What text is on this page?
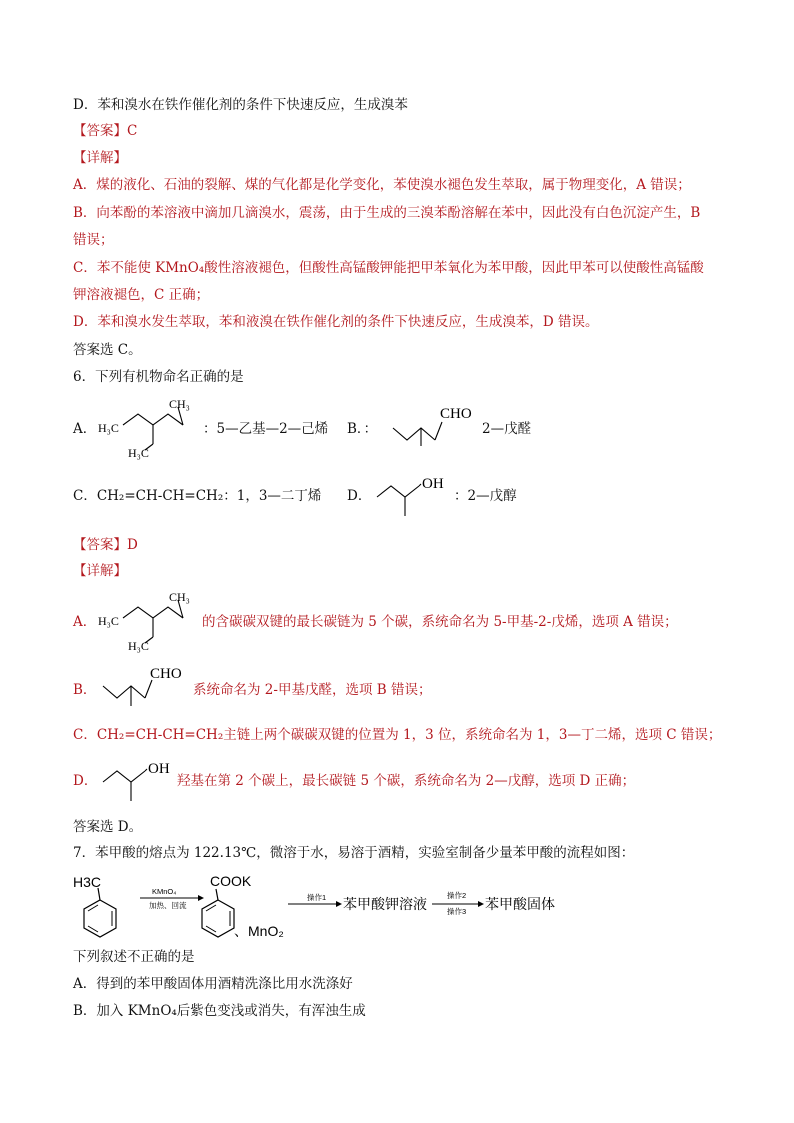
D．苯和溴水在铁作催化剂的条件下快速反应，生成溴苯
【答案】C
【详解】
A．煤的液化、石油的裂解、煤的气化都是化学变化，苯使溴水褪色发生萃取，属于物理变化，A 错误；
B．向苯酚的苯溶液中滴加几滴溴水，震荡，由于生成的三溴苯酚溶解在苯中，因此没有白色沉淀产生，B
错误；
C．苯不能使 KMnO₄酸性溶液褪色，但酸性高锰酸钾能把甲苯氧化为苯甲酸，因此甲苯可以使酸性高锰酸
钾溶液褪色，C 正确；
D．苯和溴水发生萃取，苯和液溴在铁作催化剂的条件下快速反应，生成溴苯，D 错误。
答案选 C。
6．下列有机物命名正确的是
A． H₃C
CH₃
H₃C
：5—乙基—2—己烯 B．：
CHO
2—戊醛
C．CH₂=CH-CH=CH₂：1，3—二丁烯 D．
OH
：2—戊醇
【答案】D
【详解】
A． H₃C
CH₃
H₃C
的含碳碳双键的最长碳链为 5 个碳，系统命名为 5-甲基-2-戊烯，选项 A 错误；
B．
CHO
系统命名为 2-甲基戊醛，选项 B 错误；
C．CH₂=CH-CH=CH₂主链上两个碳碳双键的位置为 1，3 位，系统命名为 1，3—丁二烯，选项 C 错误；
D．
OH
羟基在第 2 个碳上，最长碳链 5 个碳，系统命名为 2—戊醇，选项 D 正确；
答案选 D。
7．苯甲酸的熔点为 122.13℃，微溶于水，易溶于酒精，实验室制备少量苯甲酸的流程如图：
H3C
KMnO₄
加热、回流
COOK
、MnO₂
操作1 苯甲酸钾溶液
操作2
操作3 苯甲酸固体
下列叙述不正确的是
A．得到的苯甲酸固体用酒精洗涤比用水洗涤好
B．加入 KMnO₄后紫色变浅或消失，有浑浊生成
